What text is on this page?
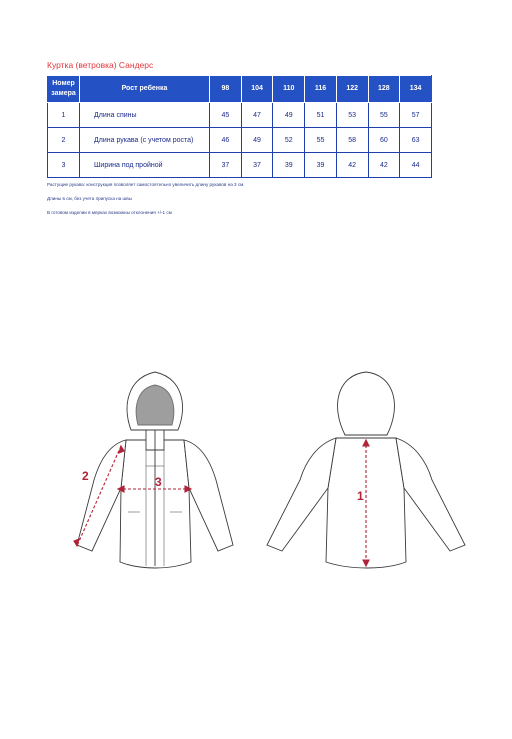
Куртка (ветровка) Сандерс
Номер замера	Рост ребенка	98	104	110	116	122	128	134
1	Длина спины	45	47	49	51	53	55	57
2	Длина рукава (с учетом роста)	46	49	52	55	58	60	63
3	Ширина под пройной	37	37	39	39	42	42	44
Растущие рукава: конструкция позволяет самостоятельно увеличить длину рукавов на 3 см.
Длины в см, без учета припуска на швы
В готовом изделии в мерках возможны отклонения +/-1 см
2	3
1
